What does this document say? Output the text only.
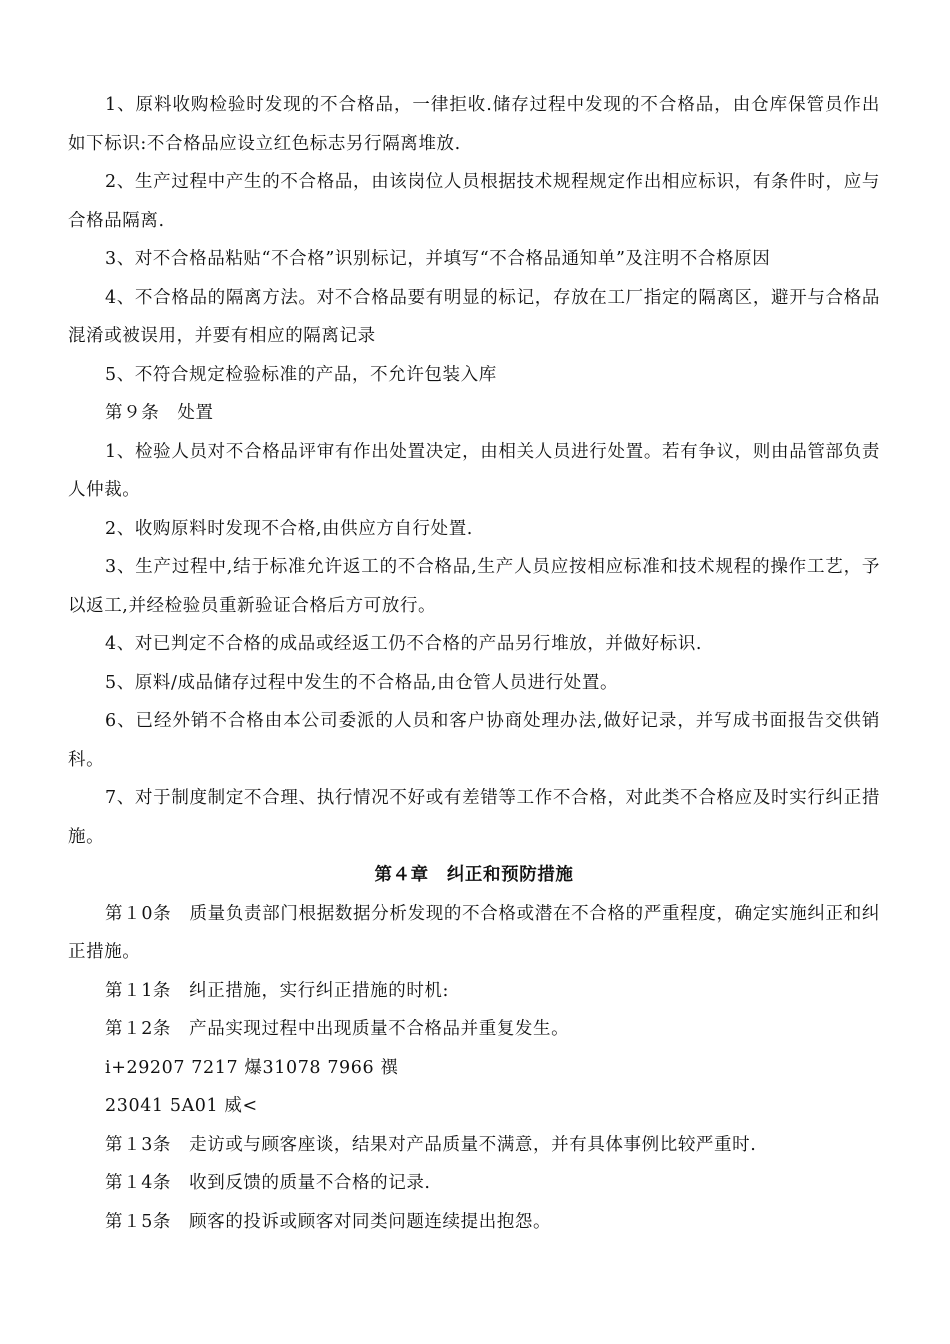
1、原料收购检验时发现的不合格品，一律拒收.储存过程中发现的不合格品，由仓库保管员作出如下标识:不合格品应设立红色标志另行隔离堆放.

2、生产过程中产生的不合格品，由该岗位人员根据技术规程规定作出相应标识，有条件时，应与合格品隔离.

3、对不合格品粘贴“不合格”识别标记，并填写“不合格品通知单”及注明不合格原因

4、不合格品的隔离方法。对不合格品要有明显的标记，存放在工厂指定的隔离区，避开与合格品混淆或被误用，并要有相应的隔离记录

5、不符合规定检验标准的产品，不允许包装入库

第９条　处置

1、检验人员对不合格品评审有作出处置决定，由相关人员进行处置。若有争议，则由品管部负责人仲裁。

2、收购原料时发现不合格,由供应方自行处置.

3、生产过程中,结于标准允许返工的不合格品,生产人员应按相应标准和技术规程的操作工艺，予以返工,并经检验员重新验证合格后方可放行。

4、对已判定不合格的成品或经返工仍不合格的产品另行堆放，并做好标识.

5、原料/成品储存过程中发生的不合格品,由仓管人员进行处置。

6、已经外销不合格由本公司委派的人员和客户协商处理办法,做好记录，并写成书面报告交供销科。

7、对于制度制定不合理、执行情况不好或有差错等工作不合格，对此类不合格应及时实行纠正措施。

第４章　纠正和预防措施

第１0条　质量负责部门根据数据分析发现的不合格或潜在不合格的严重程度，确定实施纠正和纠正措施。

第１1条　纠正措施，实行纠正措施的时机:

第１2条　产品实现过程中出现质量不合格品并重复发生。

i+29207 7217 爆31078 7966 禩

23041 5A01 威<

第１3条　走访或与顾客座谈，结果对产品质量不满意，并有具体事例比较严重时.

第１4条　收到反馈的质量不合格的记录.

第１5条　顾客的投诉或顾客对同类问题连续提出抱怨。
